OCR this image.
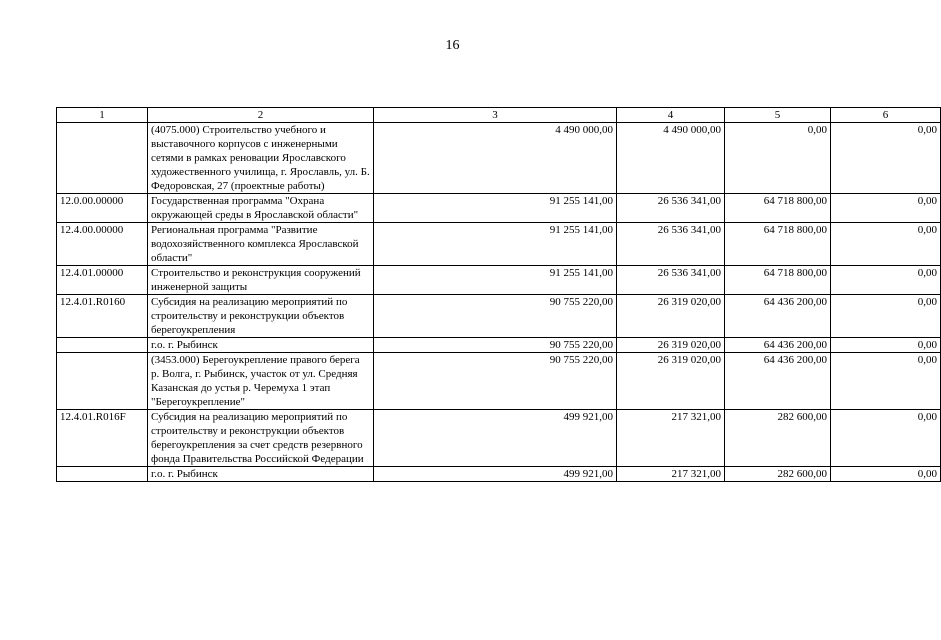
16
1	2	3	4	5	6
	(4075.000) Строительство учебного и выставочного корпусов с инженерными сетями в рамках реновации Ярославского художественного училища, г. Ярославль, ул. Б. Федоровская, 27 (проектные работы)	4 490 000,00	4 490 000,00	0,00	0,00
12.0.00.00000	Государственная программа "Охрана окружающей среды в Ярославской области"	91 255 141,00	26 536 341,00	64 718 800,00	0,00
12.4.00.00000	Региональная программа "Развитие водохозяйственного комплекса Ярославской области"	91 255 141,00	26 536 341,00	64 718 800,00	0,00
12.4.01.00000	Строительство и реконструкция сооружений инженерной защиты	91 255 141,00	26 536 341,00	64 718 800,00	0,00
12.4.01.R0160	Субсидия на реализацию мероприятий по строительству и реконструкции объектов берегоукрепления	90 755 220,00	26 319 020,00	64 436 200,00	0,00
	г.о. г. Рыбинск	90 755 220,00	26 319 020,00	64 436 200,00	0,00
	(3453.000) Берегоукрепление правого берега р. Волга, г. Рыбинск, участок от ул. Средняя Казанская до устья р. Черемуха 1 этап "Берегоукрепление"	90 755 220,00	26 319 020,00	64 436 200,00	0,00
12.4.01.R016F	Субсидия на реализацию мероприятий по строительству и реконструкции объектов берегоукрепления за счет средств резервного фонда Правительства Российской Федерации	499 921,00	217 321,00	282 600,00	0,00
	г.о. г. Рыбинск	499 921,00	217 321,00	282 600,00	0,00
